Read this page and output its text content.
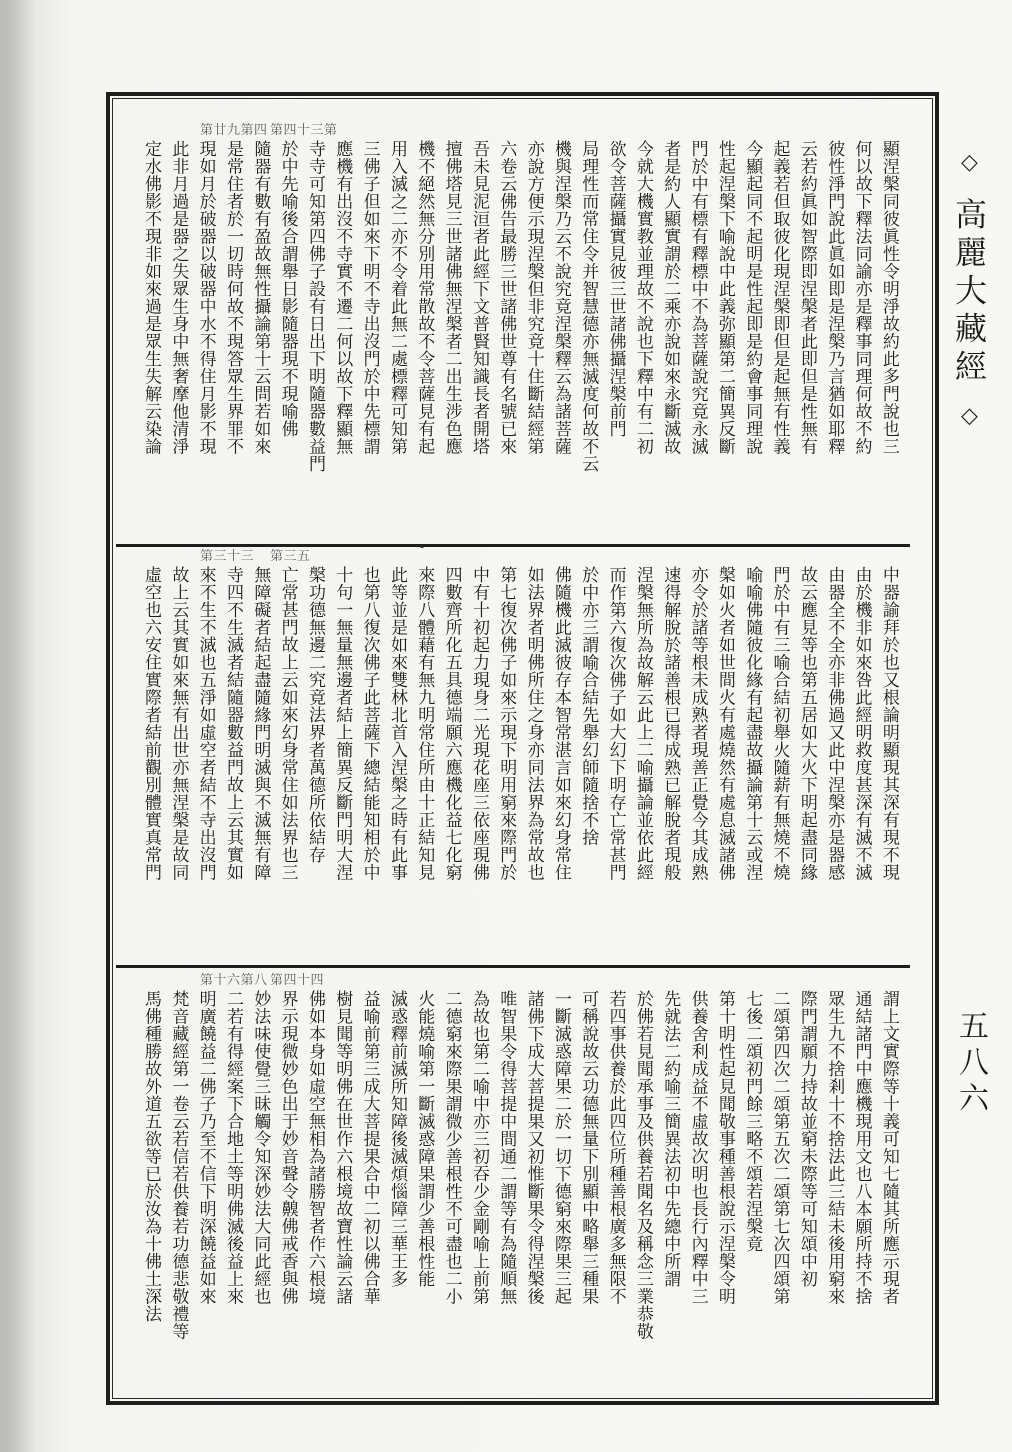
顯涅槃同彼眞性令明淨故約此多門說也三
何以故下釋法同諭亦是釋事同理何故不約
彼性淨門說此眞如即是涅槃乃言猶如耶釋
云若約眞如智際即涅槃者此即但是性無有
起義若但取彼化現涅槃即但是起無有性義
今顯起同不起明是性起即是約會事同理說
性起涅槃下喻說中此義弥顯第二簡異反斷
門於中有標有釋標中不為菩薩說究竟永滅
者是約人顯實謂於二乘亦說如來永斷滅故
今就大機實教並理故不說也下釋中有二初
欲令菩薩攝實見彼三世諸佛攝涅槃前門
局理性而常住令并智慧德亦無滅度何故不云
機與涅槃乃云不說究竟涅槃釋云為諸菩薩
亦說方便示現涅槃但非究竟十住斷結經第
六卷云佛告最勝三世諸佛世尊有名號已來
吾未見泥洹者此經下文普賢知識長者開塔
擅佛塔見三世諸佛無涅槃者二出生涉色應
機不絕然無分別用常散故不令菩薩見有起
用入滅之二亦不令着此無二處標釋可知第
三佛子但如來下明不寺出沒門於中先標謂
應機有出沒不寺實不遷二何以故下釋顯無
寺寺可知第四佛子設有日出下明隨器數益門
於中先喻後合謂舉日影隨器現不現喻佛
隨器有數有盈故無性攝論第十云問若如來
是常住者於一切時何故不現答眾生界罪不
現如月於破器以破器中水不得住月影不現
此非月過是器之失眾生身中無奢摩他清淨
定水佛影不現非如來過是眾生失解云染論
第廿九第四 第四十三第
中器諭拜於也又根論明顯現其深有現不現
由於機非如來咎此經明救度甚深有滅不滅
由器全不全亦非佛過又此中涅槃亦是器感
故云應見等也第五居如大火下明起盡同緣
門於中有三喻合結初舉火隨薪有無燒不燒
喻喻佛隨彼化緣有起盡故攝論第十云或涅
槃如火者如世間火有處燒然有處息滅諸佛
亦令於諸等根未成熟者現善正覺今其成熟
速得解脫於諸善根已得成熟已解脫者現般
涅槃無所為故解云此上二喻攝論並依此經
而作第六復次佛子如大幻下明存亡常甚門
於中亦三謂喻合結先舉幻師隨捨不捨
佛隨機此滅彼存本智常湛言如來幻身常住
如法界者明佛所住之身亦同法界為常故也
第七復次佛子如來示現下明用窮來際門於
中有十初起力現身二光現花座三依座現佛
四數齊所化五具德端願六應機化益七化窮
來際八體藉有無九明常住所由十正結知見
此等並是如來雙林北首入涅槃之時有此事
也第八復次佛子此菩薩下總結能知相於中
十句一無量無邊者結上簡異反斷門明大涅
槃功德無邊二究竟法界者萬德所依結存
亡常甚門故上云如來幻身常住如法界也三
無障礙者結起盡隨緣門明滅與不滅無有障
寺四不生滅者結隨器數益門故上云其實如
來不生不滅也五淨如虛空者結不寺出沒門
故上云其實如來無有出世亦無涅槃是故同
虛空也六安住實際者結前觀別體實真常門
第三十三 第三五
謂上文實際等十義可知七隨其所應示現者
通結諸門中應機現用文也八本願所持不捨
眾生九不捨剎十不捨法此三結未後用窮來
際門謂願力持故並窮未際等可知頌中初
二頌第四次二頌第五次二頌第七次四頌第
七後二頌初門餘三略不頌若涅槃竟
第十明性起見聞敬事種善根說示涅槃令明
供養舍利成益不虛故次明也長行內釋中三
先就法二約喻三簡異法初中先總中所謂
於佛若見聞承事及供養若聞名及稱念三業恭敬
若四事供養於此四位所種善根廣多無限不
可稱說故云功德無量下別顯中略舉三種果
一斷滅惑障果二於一切下德窮來際果三起
諸佛下成大菩提果又初惟斷果令得涅槃後
唯智果令得菩提中間通二謂等有為隨順無
為故也第二喻中亦三初吞少金剛喻上前第
二德窮來際果謂微少善根性不可盡也二小
火能燒喻第一斷滅惑障果謂少善根性能
滅惑釋前滅所知障後滅煩惱障三華王多
益喻前第三成大菩提果合中二初以佛合華
樹見聞等明佛在世作六根境故寶性論云諸
佛如本身如虛空無相為諸勝智者作六根境
界示現微妙色出于妙音聲令齅佛戒香與佛
妙法味使覺三昧觸令知深妙法大同此經也
二若有得經案下合地土等明佛滅後益上來
明廣饒益二佛子乃至不信下明深饒益如來
梵音藏經第一卷云若信若供養若功德悲敬禮等
馬佛種勝故外道五欲等已於汝為十佛土深法
第十六第八 第四十四
◇ 高麗大藏經 ◇
五八六
